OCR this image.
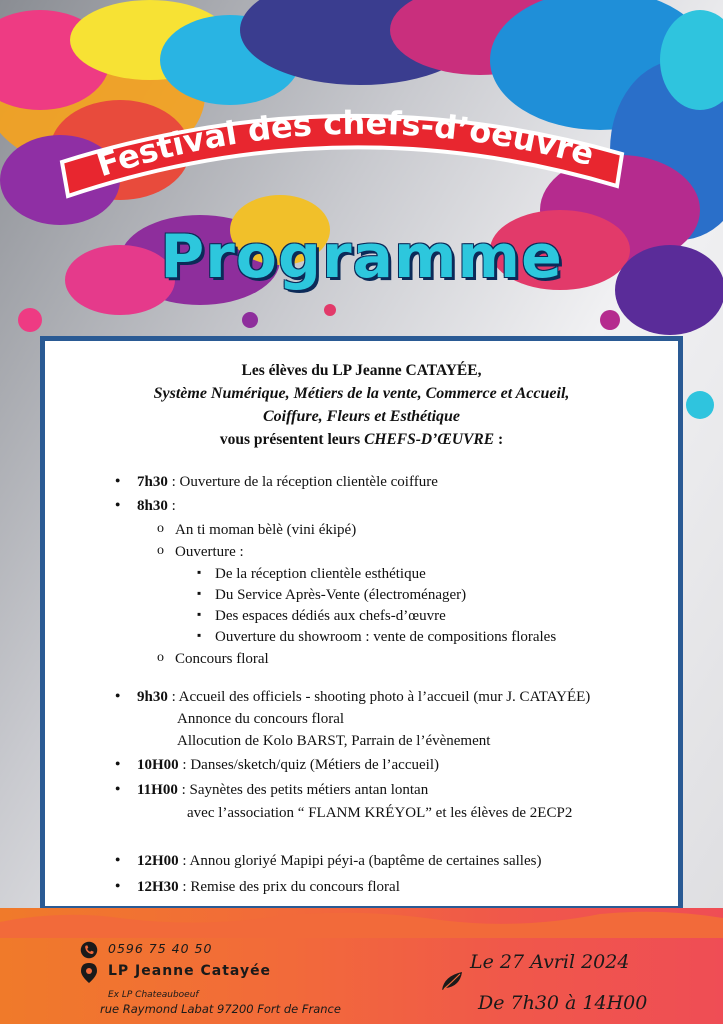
Festival des chefs-d’oeuvre
Programme
Les élèves du LP Jeanne CATAYÉE,
Système Numérique, Métiers de la vente, Commerce et Accueil,
Coiffure, Fleurs et Esthétique
vous présentent leurs CHEFS-D’ŒUVRE :
● 7h30 : Ouverture de la réception clientèle coiffure
● 8h30 :
o An ti moman bèlè (vini ékipé)
o Ouverture :
▪ De la réception clientèle esthétique
▪ Du Service Après-Vente (électroménager)
▪ Des espaces dédiés aux chefs-d’œuvre
▪ Ouverture du showroom : vente de compositions florales
o Concours floral
● 9h30 : Accueil des officiels - shooting photo à l’accueil (mur J. CATAYÉE)
Annonce du concours floral
Allocution de Kolo BARST, Parrain de l’évènement
● 10H00 : Danses/sketch/quiz (Métiers de l’accueil)
● 11H00 : Saynètes des petits métiers antan lontan
avec l’association “ FLANM KRÉYOL” et les élèves de 2ECP2
● 12H00 : Annou gloriyé Mapipi péyi-a (baptême de certaines salles)
● 12H30 : Remise des prix du concours floral
0596 75 40 50
LP Jeanne Catayée
Ex LP Chateauboeuf
rue Raymond Labat 97200 Fort de France
Le 27 Avril 2024
De 7h30 à 14H00
